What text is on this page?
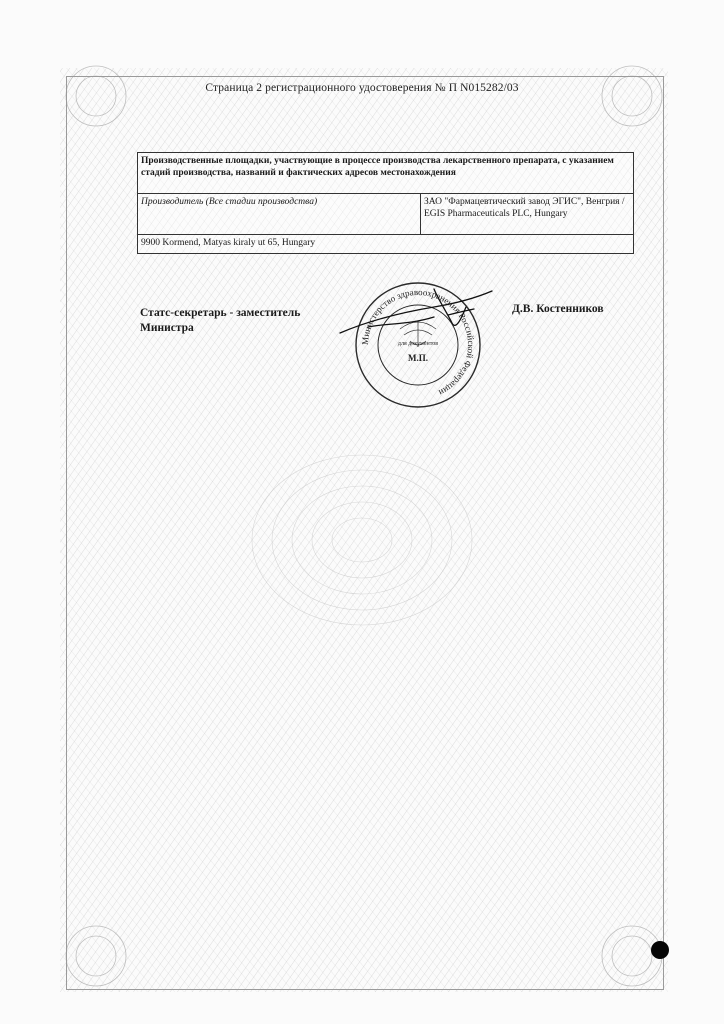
Страница 2 регистрационного удостоверения № П N015282/03
Производственные площадки, участвующие в процессе производства лекарственного препарата, с указанием стадий производства, названий и фактических адресов местонахождения
Производитель (Все стадии производства)	ЗАО "Фармацевтический завод ЭГИС", Венгрия / EGIS Pharmaceuticals PLC, Hungary
9900 Kormend, Matyas kiraly ut 65, Hungary
Статс-секретарь - заместитель
Министра
Министерство здравоохранения Российской Федерации
для документов
М.П.
Д.В. Костенников
